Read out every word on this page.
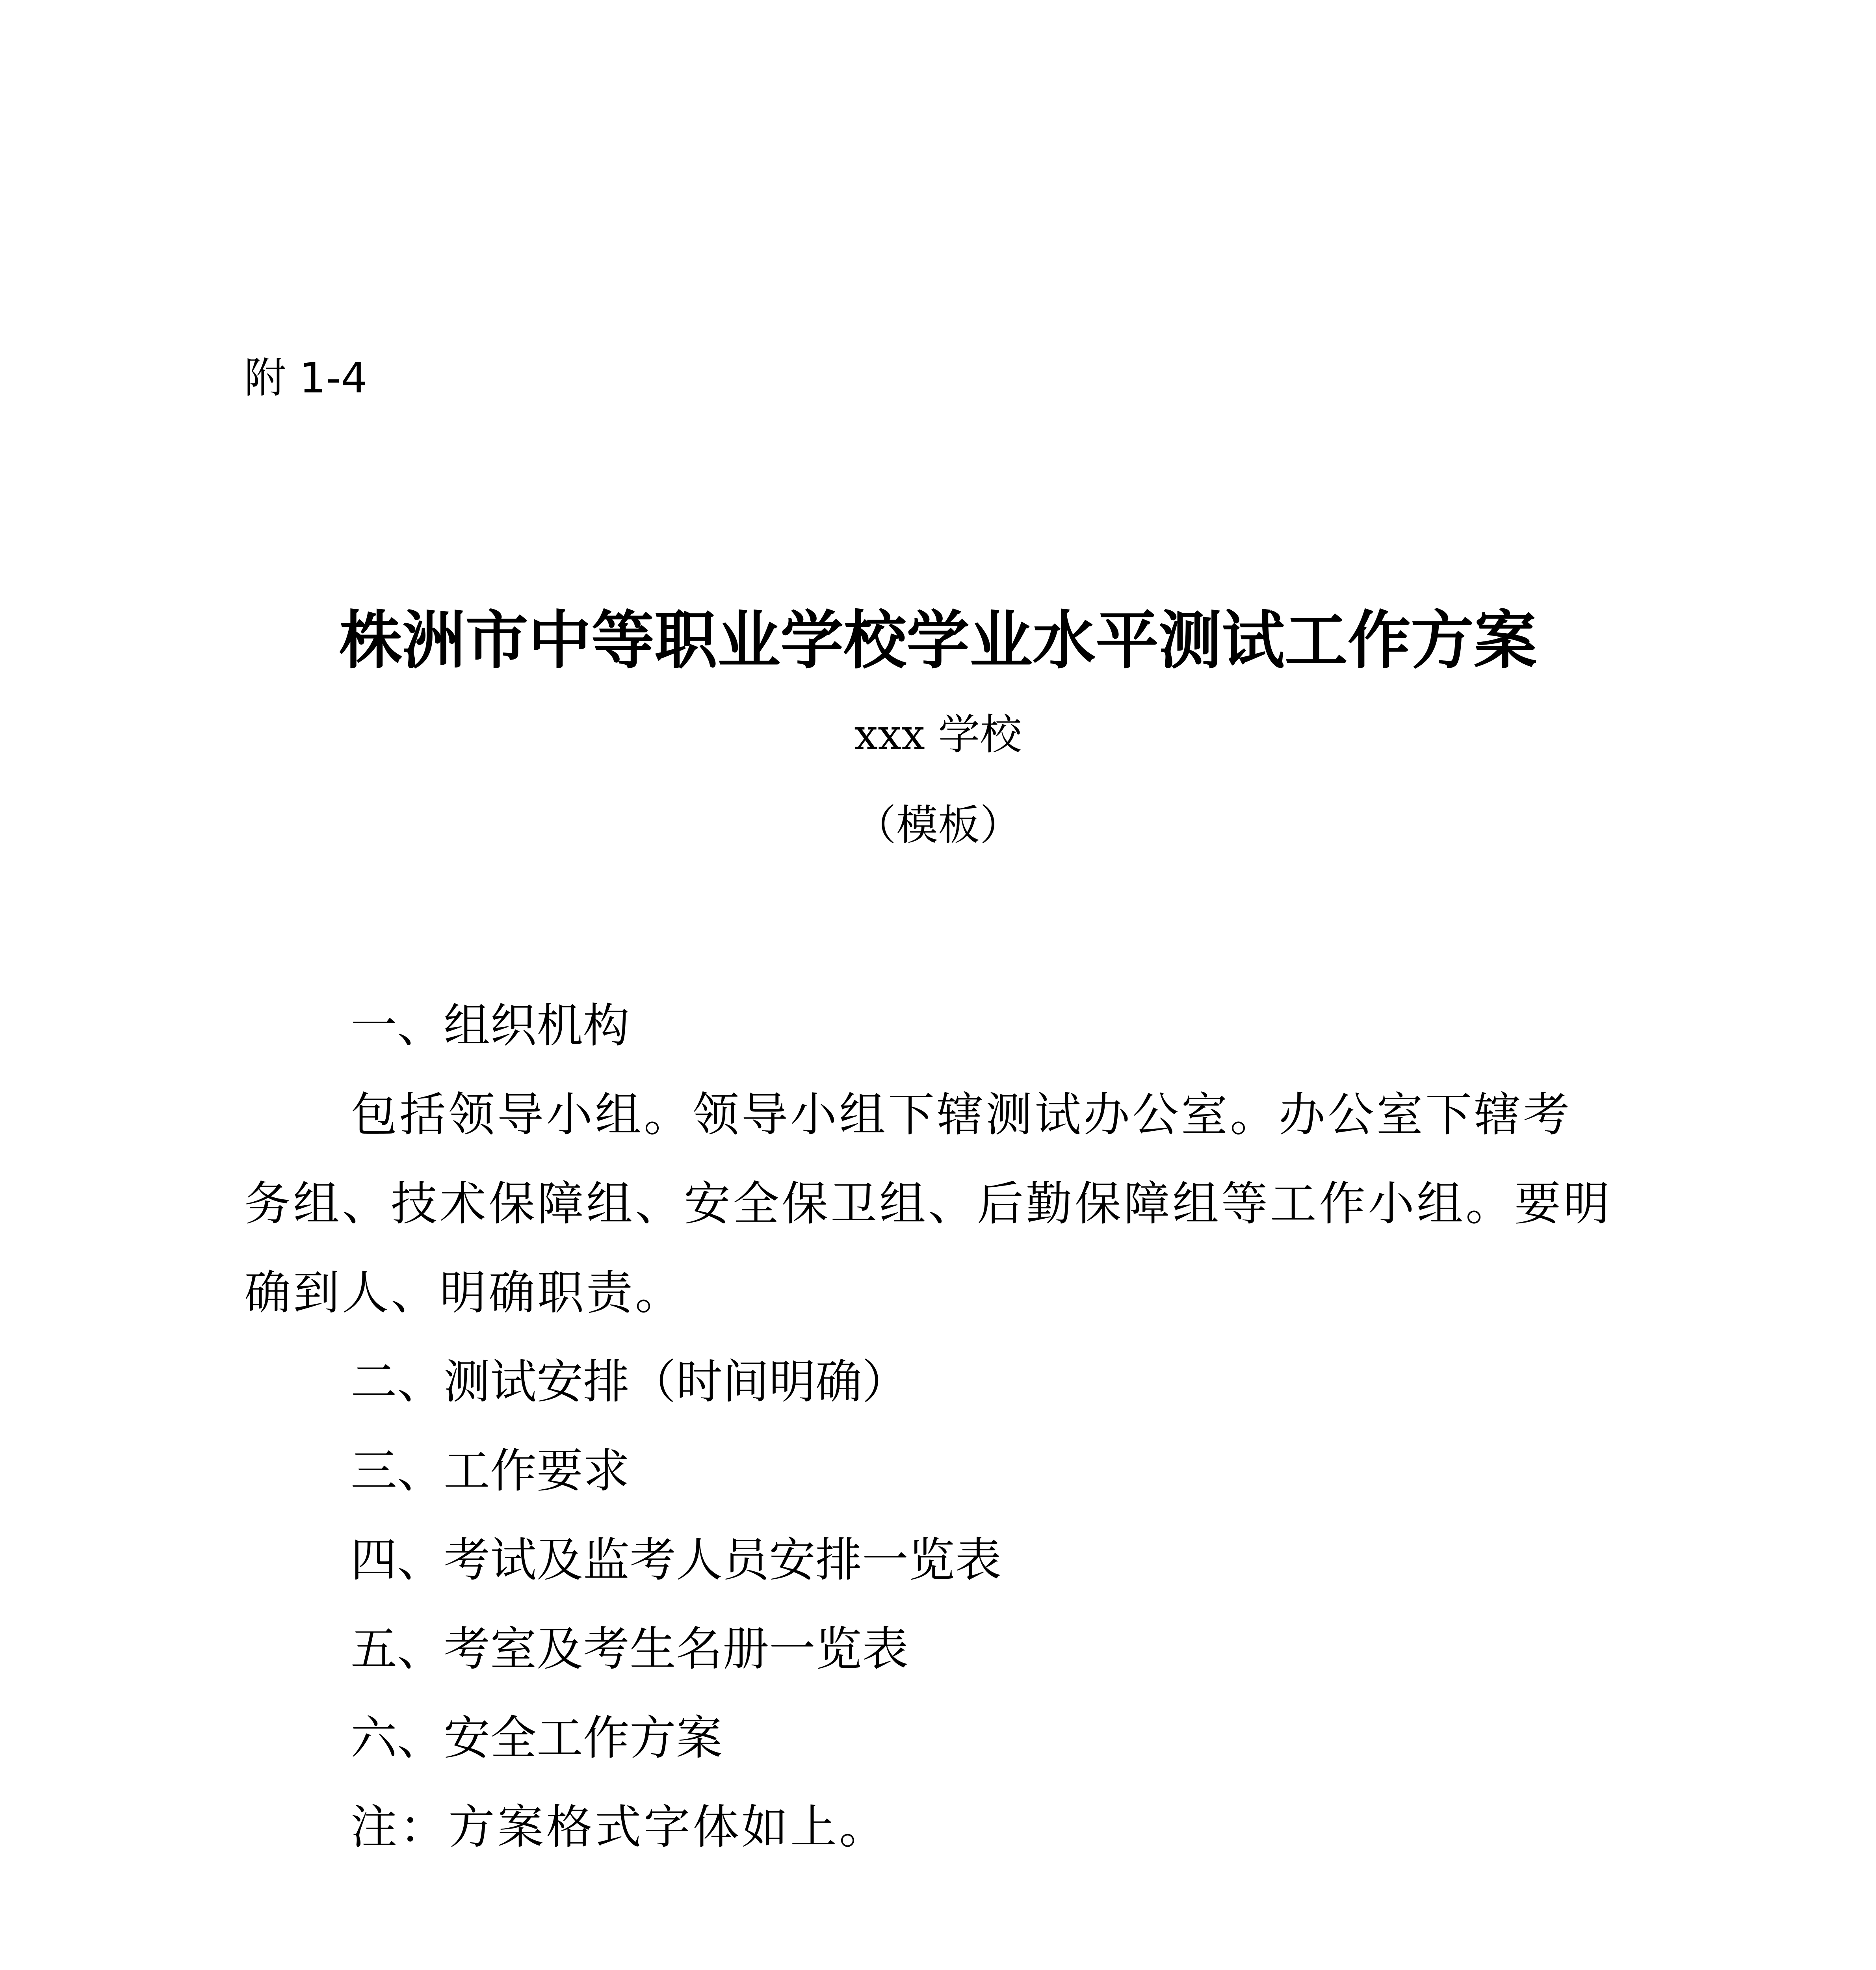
附 1-4
株洲市中等职业学校学业水平测试工作方案
xxx 学校
（模板）
一、组织机构
包括领导小组。领导小组下辖测试办公室。办公室下辖考
务组、技术保障组、安全保卫组、后勤保障组等工作小组。要明
确到人、明确职责。
二、测试安排（时间明确）
三、工作要求
四、考试及监考人员安排一览表
五、考室及考生名册一览表
六、安全工作方案
注：方案格式字体如上。
